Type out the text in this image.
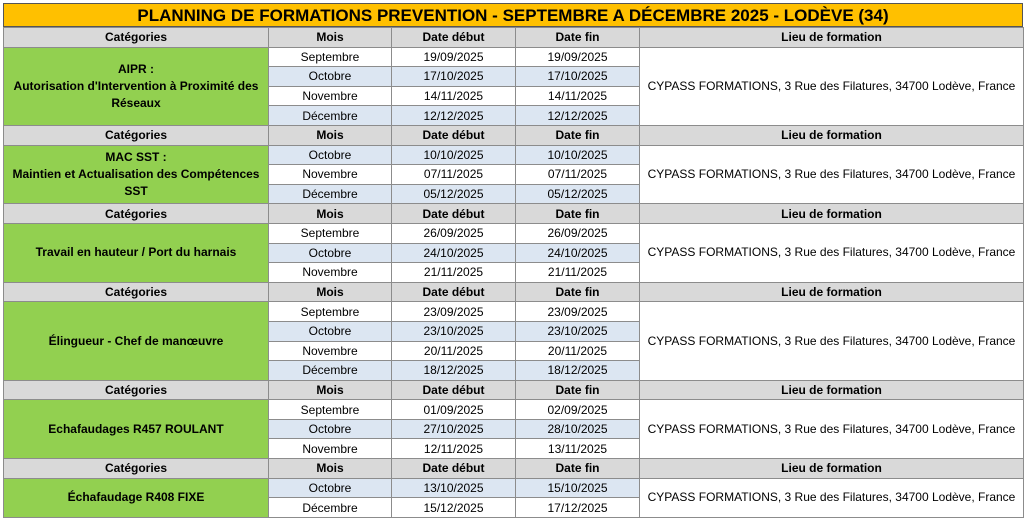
PLANNING DE FORMATIONS PREVENTION - SEPTEMBRE A DÉCEMBRE 2025 - LODÈVE (34)
Catégories	Mois	Date début	Date fin	Lieu de formation

AIPR :
Autorisation d'Intervention à Proximité des Réseaux	Septembre	19/09/2025	19/09/2025	CYPASS FORMATIONS, 3 Rue des Filatures, 34700 Lodève, France
	Octobre	17/10/2025	17/10/2025	
	Novembre	14/11/2025	14/11/2025	
	Décembre	12/12/2025	12/12/2025	
Catégories	Mois	Date début	Date fin	Lieu de formation

MAC SST :
Maintien et Actualisation des Compétences SST	Octobre	10/10/2025	10/10/2025	CYPASS FORMATIONS, 3 Rue des Filatures, 34700 Lodève, France
	Novembre	07/11/2025	07/11/2025	
	Décembre	05/12/2025	05/12/2025	
Catégories	Mois	Date début	Date fin	Lieu de formation

Travail en hauteur / Port du harnais	Septembre	26/09/2025	26/09/2025	CYPASS FORMATIONS, 3 Rue des Filatures, 34700 Lodève, France
	Octobre	24/10/2025	24/10/2025	
	Novembre	21/11/2025	21/11/2025	
Catégories	Mois	Date début	Date fin	Lieu de formation

Élingueur - Chef de manœuvre	Septembre	23/09/2025	23/09/2025	CYPASS FORMATIONS, 3 Rue des Filatures, 34700 Lodève, France
	Octobre	23/10/2025	23/10/2025	
	Novembre	20/11/2025	20/11/2025	
	Décembre	18/12/2025	18/12/2025	
Catégories	Mois	Date début	Date fin	Lieu de formation

Echafaudages R457 ROULANT	Septembre	01/09/2025	02/09/2025	CYPASS FORMATIONS, 3 Rue des Filatures, 34700 Lodève, France
	Octobre	27/10/2025	28/10/2025	
	Novembre	12/11/2025	13/11/2025	
Catégories	Mois	Date début	Date fin	Lieu de formation

Échafaudage R408 FIXE	Octobre	13/10/2025	15/10/2025	CYPASS FORMATIONS, 3 Rue des Filatures, 34700 Lodève, France
	Décembre	15/12/2025	17/12/2025	
